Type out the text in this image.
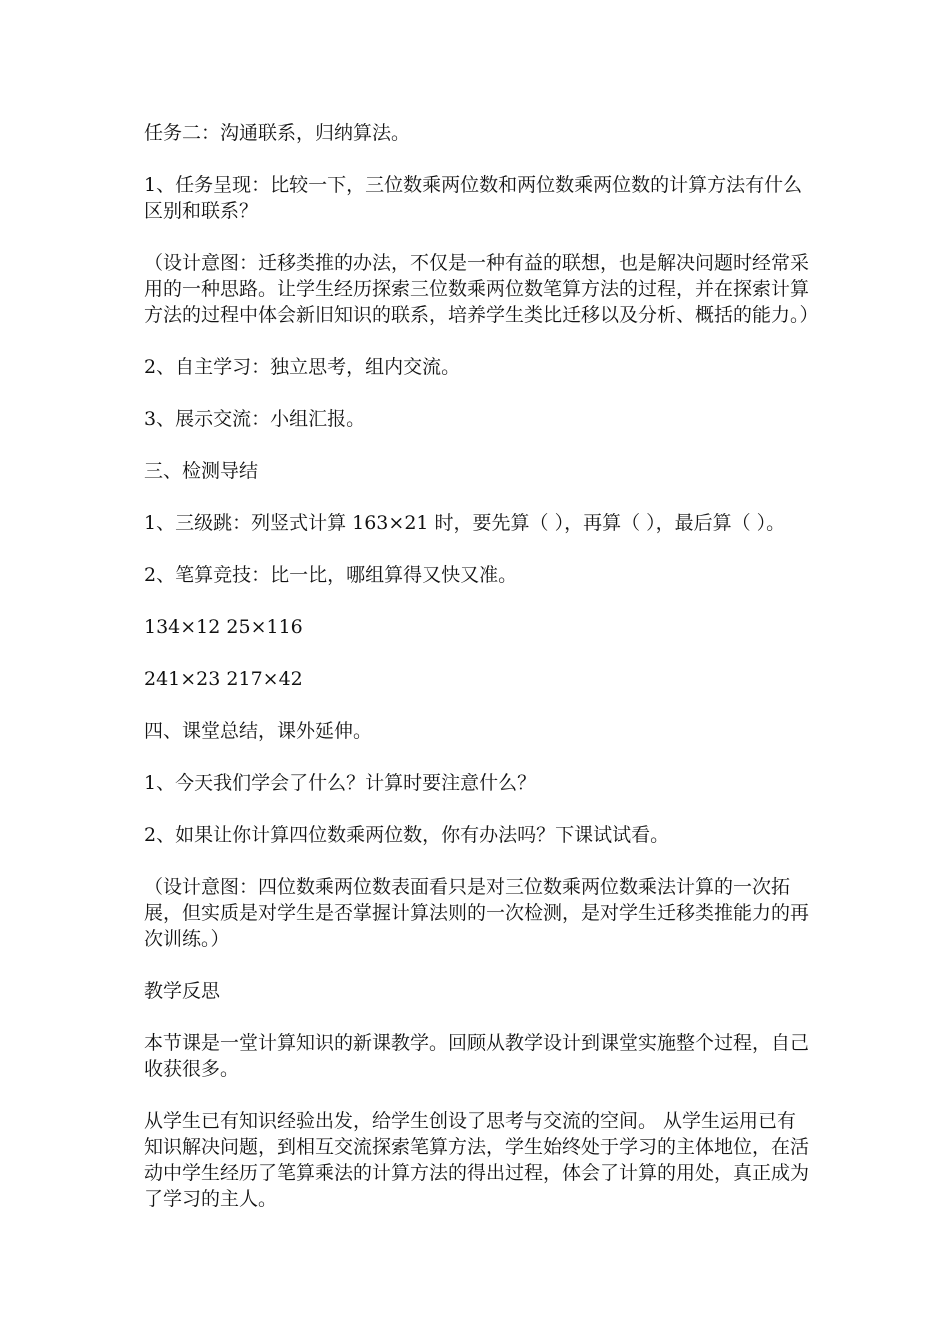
任务二：沟通联系，归纳算法。

1、任务呈现：比较一下，三位数乘两位数和两位数乘两位数的计算方法有什么区别和联系？

（设计意图：迁移类推的办法，不仅是一种有益的联想，也是解决问题时经常采用的一种思路。让学生经历探索三位数乘两位数笔算方法的过程，并在探索计算方法的过程中体会新旧知识的联系，培养学生类比迁移以及分析、概括的能力。）

2、自主学习：独立思考，组内交流。

3、展示交流：小组汇报。

三、检测导结

1、三级跳：列竖式计算 163×21 时，要先算（ ），再算（ ），最后算（ ）。

2、笔算竞技：比一比，哪组算得又快又准。

134×12 25×116

241×23 217×42

四、课堂总结，课外延伸。

1、今天我们学会了什么？计算时要注意什么？

2、如果让你计算四位数乘两位数，你有办法吗？下课试试看。

（设计意图：四位数乘两位数表面看只是对三位数乘两位数乘法计算的一次拓展，但实质是对学生是否掌握计算法则的一次检测，是对学生迁移类推能力的再次训练。）

教学反思

本节课是一堂计算知识的新课教学。回顾从教学设计到课堂实施整个过程，自己收获很多。

从学生已有知识经验出发，给学生创设了思考与交流的空间。 从学生运用已有知识解决问题，到相互交流探索笔算方法，学生始终处于学习的主体地位，在活动中学生经历了笔算乘法的计算方法的得出过程，体会了计算的用处，真正成为了学习的主人。
